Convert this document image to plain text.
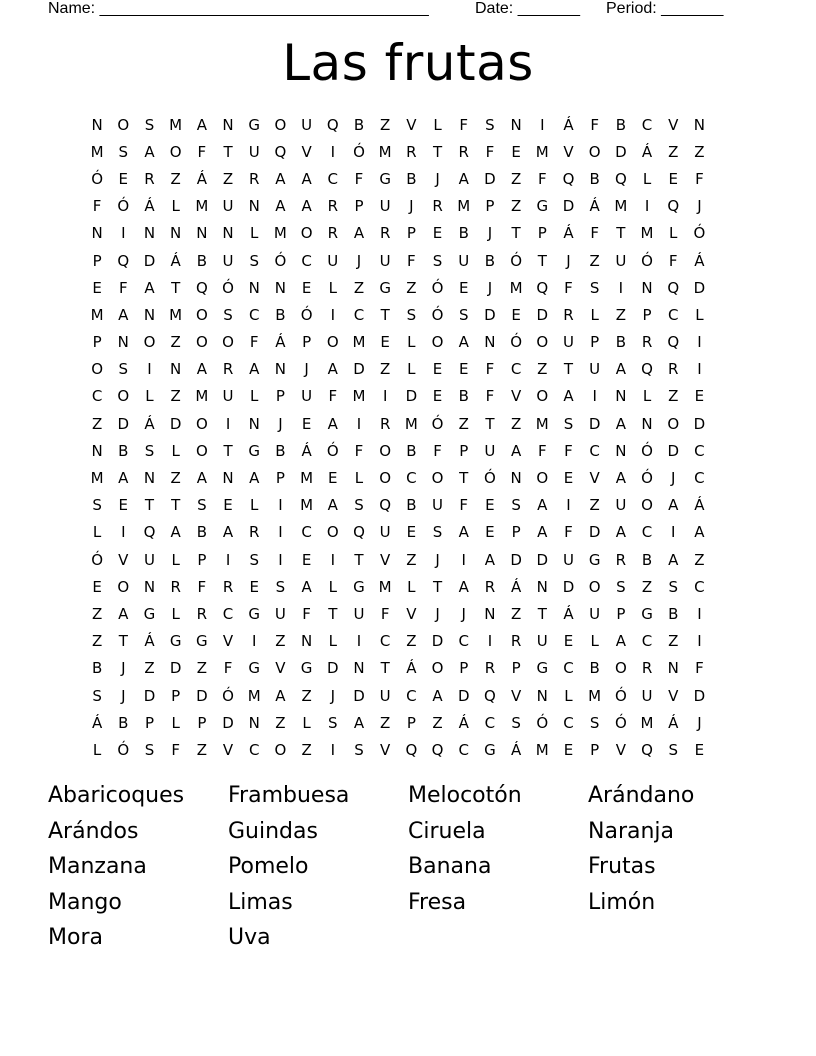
Name: _____________________________________	Date: _______ Period: _______
Las frutas
N O	S M A	N G O U Q	B	Z	V	L	F	S	N	I	Á	F	B	C	V	N
M S	A	O	F	T	U Q	V	I	Ó M R	T	R	F	E M V	O D	Á	Z	Z
Ó	E	R	Z	Á	Z	R	A	A	C	F	G	B	J	A	D	Z	F	Q	B	Q	L	E	F
F	Ó	Á	L	M U	N	A	A	R	P	U	J	R M	P	Z	G D	Á M	I	Q	J
N	I	N N N N	L	M O	R	A	R	P	E	B	J	T	P	Á	F	T	M	L	Ó
P	Q D	Á	B	U	S	Ó	C	U	J	U	F	S	U	B	Ó	T	J	Z	U Ó	F	Á
E	F	A	T	Q Ó N N	E	L	Z	G	Z	Ó	E	J	M Q	F	S	I	N Q D
M A	N M O	S	C	B	Ó	I	C	T	S	Ó	S	D	E	D	R	L	Z	P	C	L
P	N O	Z	O O	F	Á	P	O M E	L	O	A	N Ó O U	P	B	R	Q	I
O	S	I	N	A	R	A	N	J	A	D	Z	L	E	E	F	C	Z	T	U	A	Q	R	I
C	O	L	Z M U	L	P	U	F	M	I	D	E	B	F	V	O	A	I	N	L	Z	E
Z	D	Á	D O	I	N	J	E	A	I	R M Ó	Z	T	Z M S	D	A	N O D
N	B	S	L	O	T	G	B	Á	Ó	F	O	B	F	P	U	A	F	F	C	N Ó D	C
M A	N	Z	A	N	A	P	M E	L	O	C	O	T	Ó N O	E	V	A	Ó	J	C
S	E	T	T	S	E	L	I	M A	S	Q	B	U	F	E	S	A	I	Z	U O	A	Á
L	I	Q	A	B	A	R	I	C	O Q U	E	S	A	E	P	A	F	D	A	C	I	A
Ó	V	U	L	P	I	S	I	E	I	T	V	Z	J	I	A	D D U G	R	B	A	Z
E	O N	R	F	R	E	S	A	L	G M	L	T	A	R	Á	N D O	S	Z	S	C
Z	A	G	L	R	C	G U	F	T	U	F	V	J	J	N	Z	T	Á	U	P	G	B	I
Z	T	Á	G G	V	I	Z	N	L	I	C	Z	D	C	I	R	U	E	L	A	C	Z	I
B	J	Z	D	Z	F	G	V	G D N	T	Á	O	P	R	P	G	C	B	O	R	N	F
S	J	D	P	D Ó M A	Z	J	D U	C	A	D Q	V	N	L	M Ó U	V	D
Á	B	P	L	P	D N	Z	L	S	A	Z	P	Z	Á	C	S	Ó	C	S	Ó M Á	J
L	Ó	S	F	Z	V	C	O	Z	I	S	V	Q Q	C	G	Á M E	P	V	Q	S	E
Abaricoques	Frambuesa	Melocotón	Arándano
Arándos	Guindas	Ciruela	Naranja
Manzana	Pomelo	Banana	Frutas
Mango	Limas	Fresa	Limón
Mora	Uva
